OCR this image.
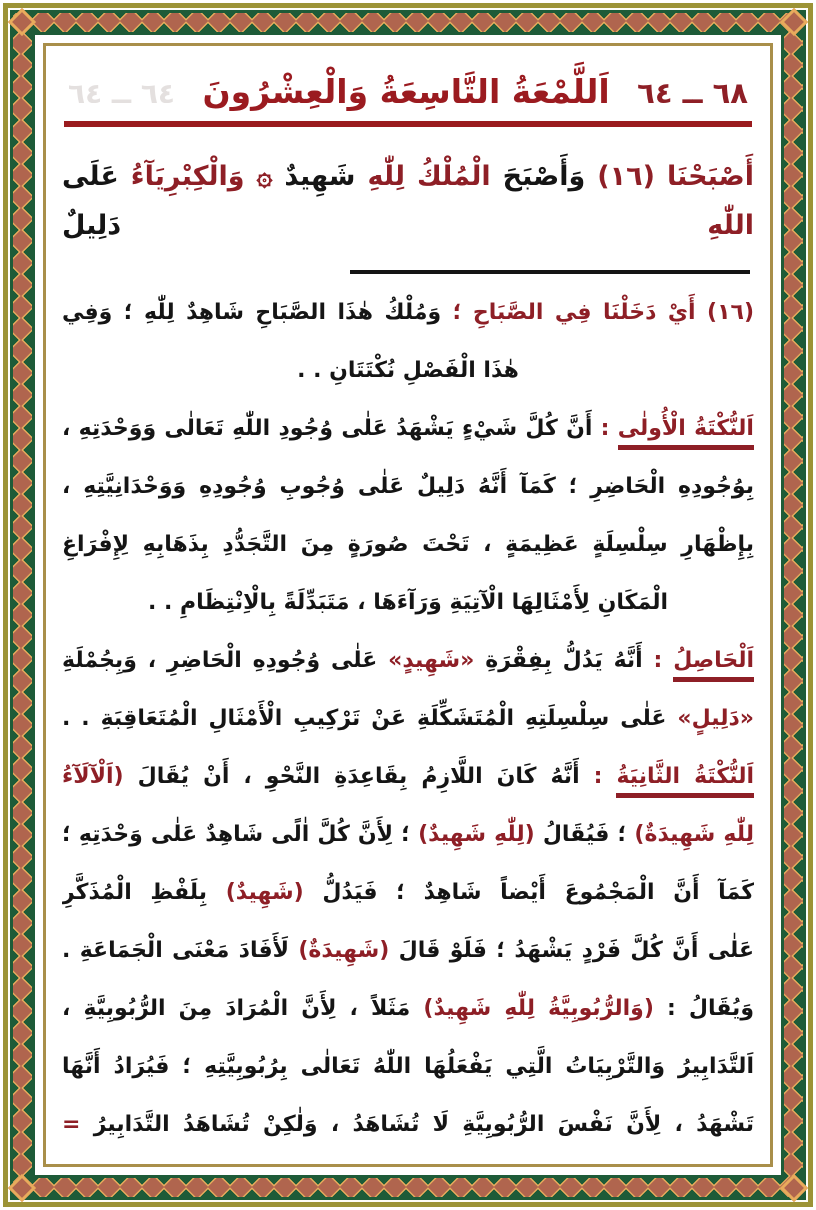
٦٨ ــ ٦٤
اَللَّمْعَةُ التَّاسِعَةُ وَالْعِشْرُونَ
٦٤ ــ ٦٤
أَصْبَحْنَا (١٦) وَأَصْبَحَ الْمُلْكُ لِلّٰهِ شَهِيدٌ ۞ وَالْكِبْرِيَآءُ عَلَى اللّٰهِ دَلِيلٌ
(١٦) أَيْ دَخَلْنَا فِي الصَّبَاحِ ؛ وَمُلْكُ هٰذَا الصَّبَاحِ شَاهِدٌ لِلّٰهِ ؛ وَفِي
هٰذَا الْفَصْلِ نُكْتَتَانِ . .
اَلنُّكْتَةُ الْأُولٰى : أَنَّ كُلَّ شَيْءٍ يَشْهَدُ عَلٰى وُجُودِ اللّٰهِ تَعَالٰى وَوَحْدَتِهِ ،
بِوُجُودِهِ الْحَاضِرِ ؛ كَمَآ أَنَّهُ دَلِيلٌ عَلٰى وُجُوبِ وُجُودِهِ وَوَحْدَانِيَّتِهِ ،
بِإِظْهَارِ سِلْسِلَةٍ عَظِيمَةٍ ، تَحْتَ صُورَةٍ مِنَ التَّجَدُّدِ بِذَهَابِهِ لِإِفْرَاغِ
الْمَكَانِ لِأَمْثَالِهَا الْآتِيَةِ وَرَآءَهَا ، مَتَبَدِّلَةً بِالْاِنْتِظَامِ . .
اَلْحَاصِلُ : أَنَّهُ يَدُلُّ بِفِقْرَةِ «شَهِيدٍ» عَلٰى وُجُودِهِ الْحَاضِرِ ، وَبِجُمْلَةِ
«دَلِيلٍ» عَلٰى سِلْسِلَتِهِ الْمُتَشَكِّلَةِ عَنْ تَرْكِيبِ الْأَمْثَالِ الْمُتَعَاقِبَةِ . .
اَلنُّكْتَةُ الثَّانِيَةُ : أَنَّهُ كَانَ اللَّازِمُ بِقَاعِدَةِ النَّحْوِ ، أَنْ يُقَالَ (اَلْآلَآءُ
لِلّٰهِ شَهِيدَةٌ) ؛ فَيُقَالُ (لِلّٰهِ شَهِيدٌ) ؛ لِأَنَّ كُلَّ اٰلًى شَاهِدٌ عَلٰى وَحْدَتِهِ ؛
كَمَآ أَنَّ الْمَجْمُوعَ أَيْضاً شَاهِدٌ ؛ فَيَدُلُّ (شَهِيدٌ) بِلَفْظِ الْمُذَكَّرِ
عَلٰى أَنَّ كُلَّ فَرْدٍ يَشْهَدُ ؛ فَلَوْ قَالَ (شَهِيدَةٌ) لَأَفَادَ مَعْنَى الْجَمَاعَةِ .
وَيُقَالُ : (وَالرُّبُوبِيَّةُ لِلّٰهِ شَهِيدٌ) مَثَلاً ، لِأَنَّ الْمُرَادَ مِنَ الرُّبُوبِيَّةِ ،
اَلتَّدَابِيرُ وَالتَّرْبِيَاتُ الَّتِي يَفْعَلُهَا اللّٰهُ تَعَالٰى بِرُبُوبِيَّتِهِ ؛ فَيُرَادُ أَنَّهَا
تَشْهَدُ ، لِأَنَّ نَفْسَ الرُّبُوبِيَّةِ لَا تُشَاهَدُ ، وَلٰكِنْ تُشَاهَدُ التَّدَابِيرُ =
